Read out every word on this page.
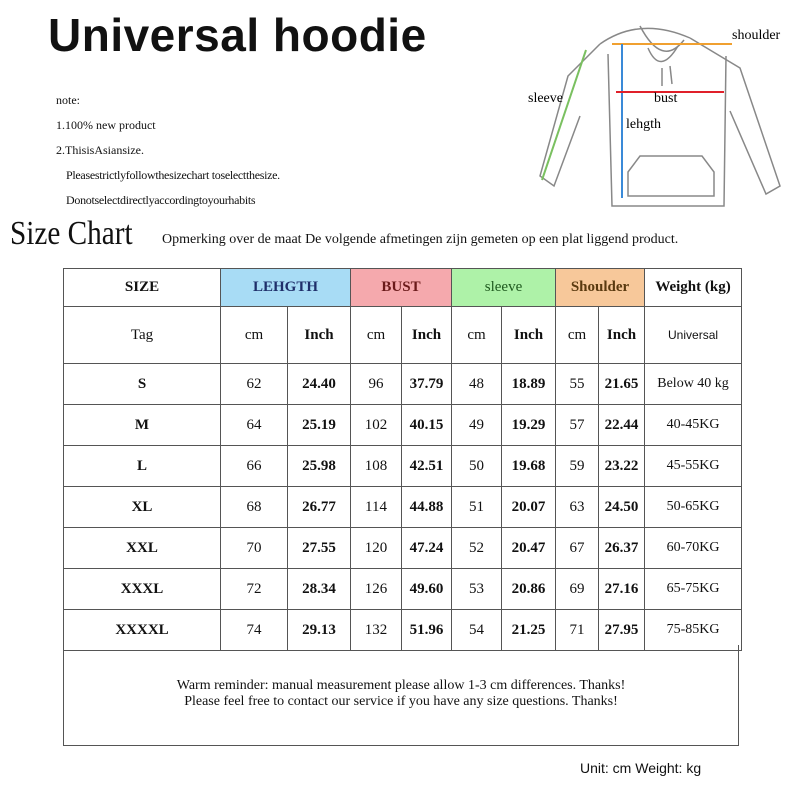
Universal hoodie
note:
1.100% new product
2.ThisisAsiansize.
Pleasestrictlyfollowthesizechart toselectthesize.
Donotselectdirectlyaccordingtoyourhabits
shoulder
sleeve	bust
lehgth
Size Chart Opmerking over de maat De volgende afmetingen zijn gemeten op een plat liggend product.
SIZE	LEHGTH		BUST		sleeve		Shoulder		Weight (kg)
Tag	cm	Inch	cm	Inch	cm	Inch	cm	Inch	Universal
S	62	24.40	96	37.79	48	18.89	55	21.65	Below 40 kg
M	64	25.19	102	40.15	49	19.29	57	22.44	40-45KG
L	66	25.98	108	42.51	50	19.68	59	23.22	45-55KG
XL	68	26.77	114	44.88	51	20.07	63	24.50	50-65KG
XXL	70	27.55	120	47.24	52	20.47	67	26.37	60-70KG
XXXL	72	28.34	126	49.60	53	20.86	69	27.16	65-75KG
XXXXL	74	29.13	132	51.96	54	21.25	71	27.95	75-85KG
Warm reminder: manual measurement please allow 1-3 cm differences. Thanks!
Please feel free to contact our service if you have any size questions. Thanks!
Unit: cm Weight: kg
